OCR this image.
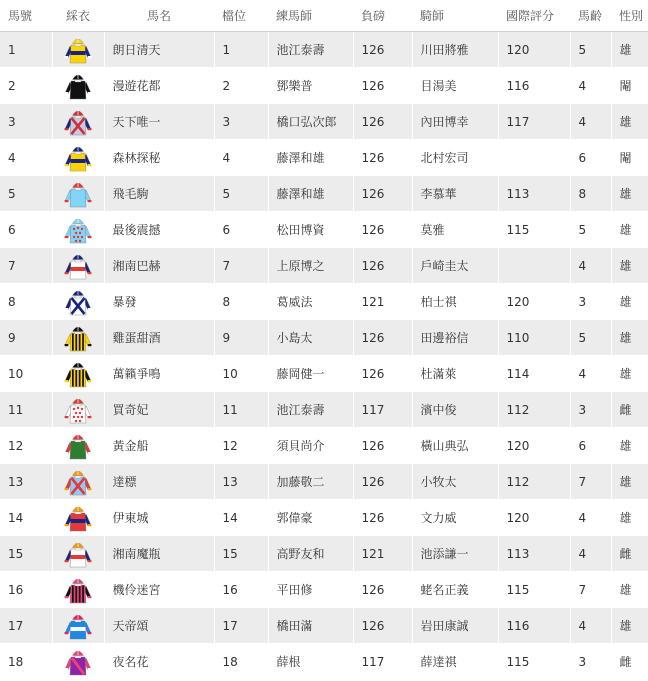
馬號	綵衣	馬名	檔位	練馬師	負磅	騎師	國際評分	馬齡	性別
1		朗日清天	1	池江泰壽	126	川田將雅	120	5	雄
2		漫遊花都	2	鄧樂普	126	目湯美	116	4	閹
3		天下唯一	3	橋口弘次郎	126	內田博幸	117	4	雄
4		森林探秘	4	藤澤和雄	126	北村宏司		6	閹
5		飛毛駒	5	藤澤和雄	126	李慕華	113	8	雄
6		最後震撼	6	松田博資	126	莫雅	115	5	雄
7		湘南巴赫	7	上原博之	126	戶崎圭太		4	雄
8		暴發	8	葛威法	121	柏士祺	120	3	雄
9		雞蛋甜酒	9	小島太	126	田邊裕信	110	5	雄
10		萬籟爭鳴	10	藤岡健一	126	杜滿萊	114	4	雄
11		買奇妃	11	池江泰壽	117	濱中俊	112	3	雌
12		黃金船	12	須貝尚介	126	橫山典弘	120	6	雄
13		達標	13	加藤敬二	126	小牧太	112	7	雄
14		伊東城	14	郭偉豪	126	文力威	120	4	雄
15		湘南魔瓶	15	高野友和	121	池添謙一	113	4	雌
16		機伶迷宮	16	平田修	126	蛯名正義	115	7	雄
17		天帝頌	17	橋田滿	126	岩田康誠	116	4	雄
18		夜名花	18	薛根	117	薛達祺	115	3	雌
